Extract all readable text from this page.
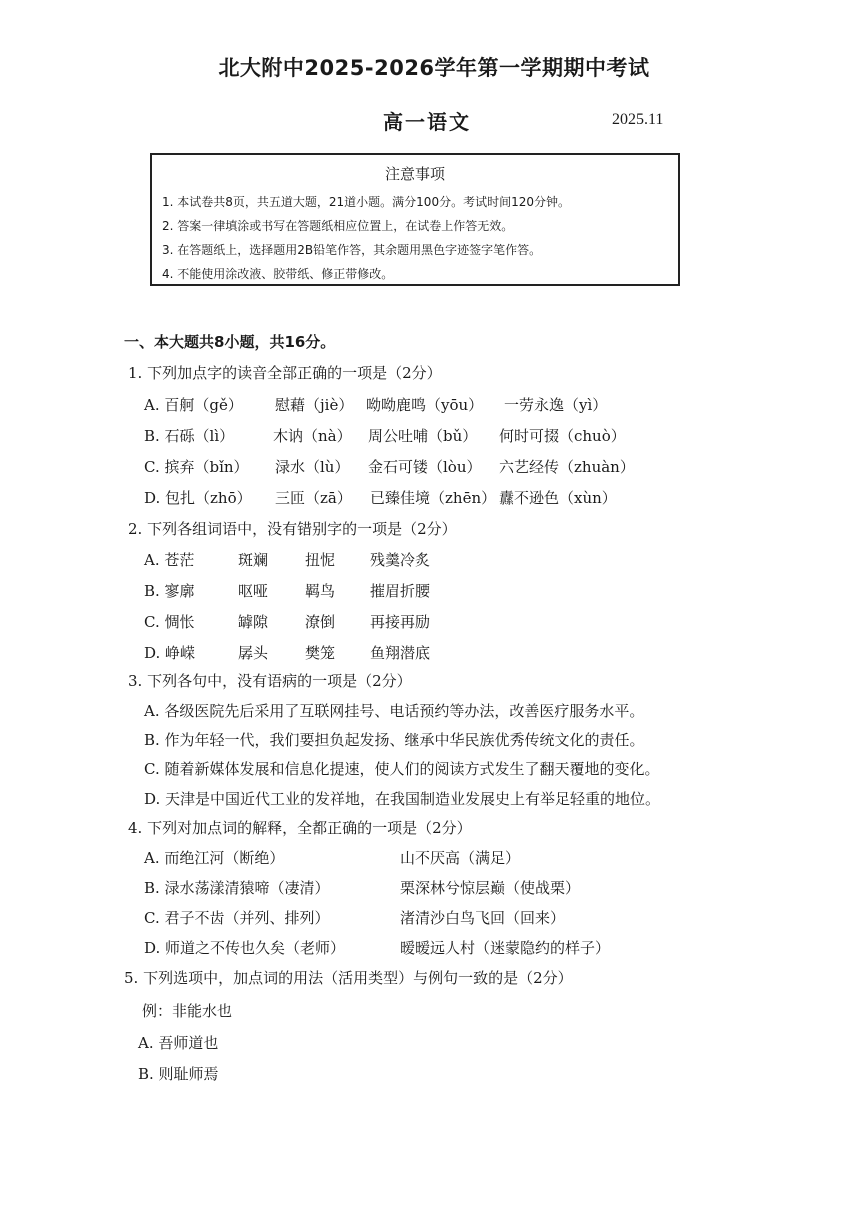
北大附中2025-2026学年第一学期期中考试
高一语文	2025.11
注意事项
1. 本试卷共8页，共五道大题，21道小题。满分100分。考试时间120分钟。
2. 答案一律填涂或书写在答题纸相应位置上，在试卷上作答无效。
3. 在答题纸上，选择题用2B铅笔作答，其余题用黑色字迹签字笔作答。
4. 不能使用涂改液、胶带纸、修正带修改。
一、本大题共8小题，共16分。
1. 下列加点字的读音全部正确的一项是（2分）
A. 百舸（gě） 慰藉（jiè） 呦呦鹿鸣（yōu） 一劳永逸（yì）
B. 石砾（lì）	木讷（nà） 周公吐哺（bǔ） 何时可掇（chuò）
C. 摈弃（bǐn） 渌水（lù） 金石可镂（lòu） 六艺经传（zhuàn）
D. 包扎（zhō） 三匝（zā） 已臻佳境（zhēn） 纛不逊色（xùn）
2. 下列各组词语中，没有错别字的一项是（2分）
A. 苍茫	斑斓 扭怩 残羹冷炙
B. 寥廓	呕哑 羁鸟 摧眉折腰
C. 惆怅	罅隙 潦倒 再接再励
D. 峥嵘	孱头 樊笼 鱼翔潜底
3. 下列各句中，没有语病的一项是（2分）
A. 各级医院先后采用了互联网挂号、电话预约等办法，改善医疗服务水平。
B. 作为年轻一代，我们要担负起发扬、继承中华民族优秀传统文化的责任。
C. 随着新媒体发展和信息化提速，使人们的阅读方式发生了翻天覆地的变化。
D. 天津是中国近代工业的发祥地，在我国制造业发展史上有举足轻重的地位。
4. 下列对加点词的解释，全都正确的一项是（2分）
A. 而绝江河（断绝）	山不厌高（满足）
B. 渌水荡漾清猿啼（凄清）	栗深林兮惊层巅（使战栗）
C. 君子不齿（并列、排列）	渚清沙白鸟飞回（回来）
D. 师道之不传也久矣（老师）	暧暧远人村（迷蒙隐约的样子）
5. 下列选项中，加点词的用法（活用类型）与例句一致的是（2分）
例：非能水也
A. 吾师道也
B. 则耻师焉
